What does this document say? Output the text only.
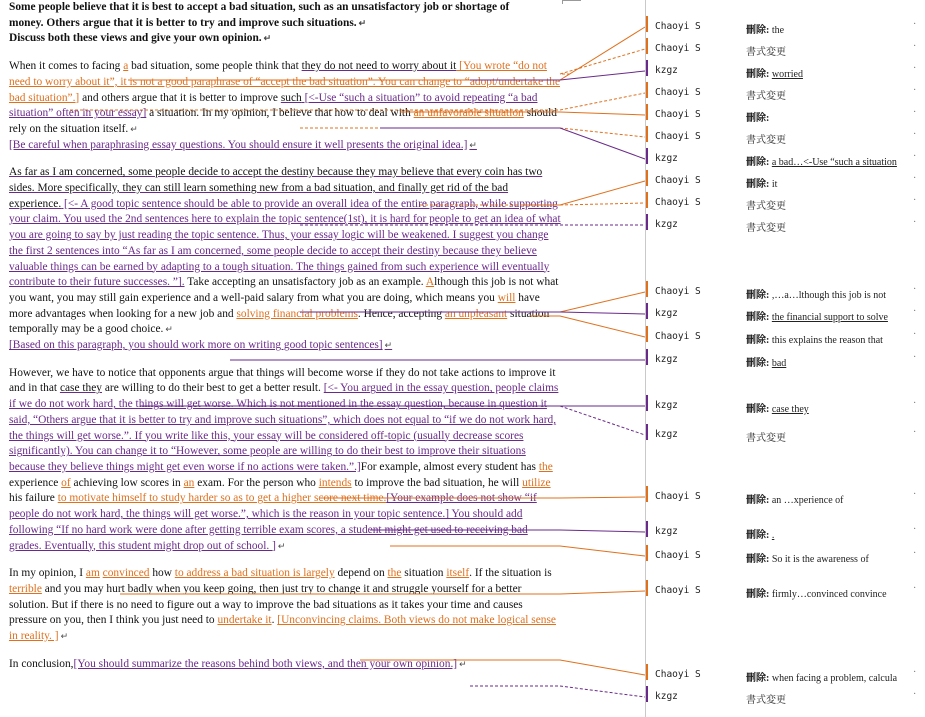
Some people believe that it is best to accept a bad situation, such as an unsatisfactory job or shortage of

money. Others argue that it is better to try and improve such situations. ↵

Discuss both these views and give your own opinion. ↵

When it comes to facing a bad situation, some people think that they do not need to worry about it [You wrote “do not need to worry about it”, it is not a good paraphrase of “accept the bad situation”. You can change to “adopt/undertake the bad situation”.] and others argue that it is better to improve such [<-Use “such a situation” to avoid repeating “a bad situation” often in your essay] a situation. In my opinion, I believe that how to deal with an unfavorable situation should rely on the situation itself. ↵

[Be careful when paraphrasing essay questions. You should ensure it well presents the original idea.] ↵

As far as I am concerned, some people decide to accept the destiny because they may believe that every coin has two sides. More specifically, they can still learn something new from a bad situation, and finally get rid of the bad experience. [<- A good topic sentence should be able to provide an overall idea of the entire paragraph, while supporting your claim. You used the 2nd sentences here to explain the topic sentence(1st), it is hard for people to get an idea of what you are going to say by just reading the topic sentence. Thus, your essay logic will be weakened. I suggest you change the first 2 sentences into “As far as I am concerned, some people decide to accept their destiny because they believe valuable things can be earned by adapting to a tough situation. The things gained from such experience will eventually contribute to their future successes. ”]. Take accepting an unsatisfactory job as an example. Although this job is not what you want, you may still gain experience and a well-paid salary from what you are doing, which means you will have more advantages when looking for a new job and solving financial problems. Hence, accepting an unpleasant situation temporally may be a good choice. ↵

[Based on this paragraph, you should work more on writing good topic sentences] ↵

However, we have to notice that opponents argue that things will become worse if they do not take actions to improve it and in that case they are willing to do their best to get a better result. [<- You argued in the essay question, people claims if we do not work hard, the things will get worse. Which is not mentioned in the essay question, because in question it said, “Others argue that it is better to try and improve such situations”, which does not equal to “if we do not work hard, the things will get worse.”. If you write like this, your essay will be considered off-topic (usually decrease scores significantly). You can change it to “However, some people are willing to do their best to improve their situations because they believe things might get even worse if no actions were taken.”.]For example, almost every student has the experience of achieving low scores in an exam. For the person who intends to improve the bad situation, he will utilize his failure to motivate himself to study harder so as to get a higher score next time.[Your example does not show “if people do not work hard, the things will get worse.”, which is the reason in your topic sentence.] You should add following “If no hard work were done after getting terrible exam scores, a student might get used to receiving bad grades. Eventually, this student might drop out of school. ] ↵

In my opinion, I am convinced how to address a bad situation is largely depend on the situation itself. If the situation is terrible and you may hurt badly when you keep going, then just try to change it and struggle yourself for a better solution. But if there is no need to figure out a way to improve the bad situations as it takes your time and causes pressure on you, then I think you just need to undertake it. [Unconvincing claims. Both views do not make logical sense in reality. ] ↵

In conclusion,[You should summarize the reasons behind both views, and then your own opinion.] ↵

Chaoyi S	刪除: the
·
Chaoyi S	書式変更
·
kzgz	刪除: worried
·
Chaoyi S	書式変更
·
Chaoyi S	刪除:
·
Chaoyi S	書式変更
·
kzgz	刪除: a bad…<-Use “such a situation
·
Chaoyi S	刪除: it
·
Chaoyi S	書式変更
·
kzgz	書式変更
·
Chaoyi S	刪除: ,…a…lthough this job is not
·
kzgz	刪除: the financial support to solve
·
Chaoyi S	刪除: this explains the reason that
·
kzgz	刪除: bad
·
kzgz	刪除: case they
·
kzgz	書式変更
·
Chaoyi S	刪除: an …xperience of
·
kzgz	刪除: .
·
Chaoyi S	刪除: So it is the awareness of
·
Chaoyi S	刪除: firmly…convinced convince
·
Chaoyi S	刪除: when facing a problem, calcula
·
kzgz	書式変更
·
